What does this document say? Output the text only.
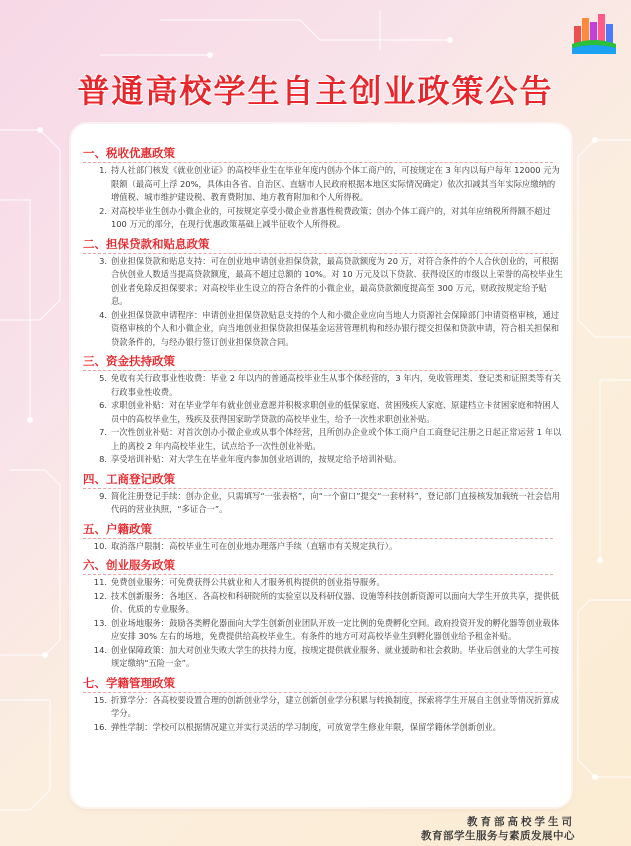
普通高校学生自主创业政策公告
一、税收优惠政策
1. 持人社部门核发《就业创业证》的高校毕业生在毕业年度内创办个体工商户的，可按规定在 3 年内以每户每年 12000 元为限额（最高可上浮 20%，具体由各省、自治区、直辖市人民政府根据本地区实际情况确定）依次扣减其当年实际应缴纳的增值税、城市维护建设税、教育费附加、地方教育附加和个人所得税。
2. 对高校毕业生创办小微企业的，可按规定享受小微企业普惠性税费政策；创办个体工商户的，对其年应纳税所得额不超过 100 万元的部分，在现行优惠政策基础上减半征收个人所得税。
二、担保贷款和贴息政策
3. 创业担保贷款和贴息支持：可在创业地申请创业担保贷款，最高贷款额度为 20 万，对符合条件的个人合伙创业的，可根据合伙创业人数适当提高贷款额度，最高不超过总额的 10%。对 10 万元及以下贷款、获得设区的市级以上荣誉的高校毕业生创业者免除反担保要求；对高校毕业生设立的符合条件的小微企业，最高贷款额度提高至 300 万元，财政按规定给予贴息。
4. 创业担保贷款申请程序：申请创业担保贷款贴息支持的个人和小微企业应向当地人力资源社会保障部门申请资格审核，通过资格审核的个人和小微企业，向当地创业担保贷款担保基金运营管理机构和经办银行提交担保和贷款申请，符合相关担保和贷款条件的，与经办银行签订创业担保贷款合同。
三、资金扶持政策
5. 免收有关行政事业性收费：毕业 2 年以内的普通高校毕业生从事个体经营的，3 年内，免收管理类、登记类和证照类等有关行政事业性收费。
6. 求职创业补贴：对在毕业学年有就业创业意愿并积极求职创业的低保家庭、贫困残疾人家庭、原建档立卡贫困家庭和特困人员中的高校毕业生，残疾及获得国家助学贷款的高校毕业生，给予一次性求职创业补贴。
7. 一次性创业补贴：对首次创办小微企业或从事个体经营，且所创办企业或个体工商户自工商登记注册之日起正常运营 1 年以上的离校 2 年内高校毕业生，试点给予一次性创业补贴。
8. 享受培训补贴：对大学生在毕业年度内参加创业培训的，按规定给予培训补贴。
四、工商登记政策
9. 简化注册登记手续：创办企业，只需填写“一张表格”，向“一个窗口”提交“一套材料”，登记部门直接核发加载统一社会信用代码的营业执照，“多证合一”。
五、户籍政策
10. 取消落户限制：高校毕业生可在创业地办理落户手续（直辖市有关规定执行）。
六、创业服务政策
11. 免费创业服务：可免费获得公共就业和人才服务机构提供的创业指导服务。
12. 技术创新服务：各地区、各高校和科研院所的实验室以及科研仪器、设施等科技创新资源可以面向大学生开放共享，提供低价、优质的专业服务。
13. 创业场地服务：鼓励各类孵化器面向大学生创新创业团队开放一定比例的免费孵化空间。政府投资开发的孵化器等创业载体应安排 30% 左右的场地，免费提供给高校毕业生。有条件的地方可对高校毕业生到孵化器创业给予租金补贴。
14. 创业保障政策：加大对创业失败大学生的扶持力度，按规定提供就业服务、就业援助和社会救助。毕业后创业的大学生可按规定缴纳“五险一金”。
七、学籍管理政策
15. 折算学分：各高校要设置合理的创新创业学分，建立创新创业学分积累与转换制度，探索将学生开展自主创业等情况折算成学分。
16. 弹性学制：学校可以根据情况建立并实行灵活的学习制度，可放宽学生修业年限，保留学籍休学创新创业。
教育部高校学生司
教育部学生服务与素质发展中心
